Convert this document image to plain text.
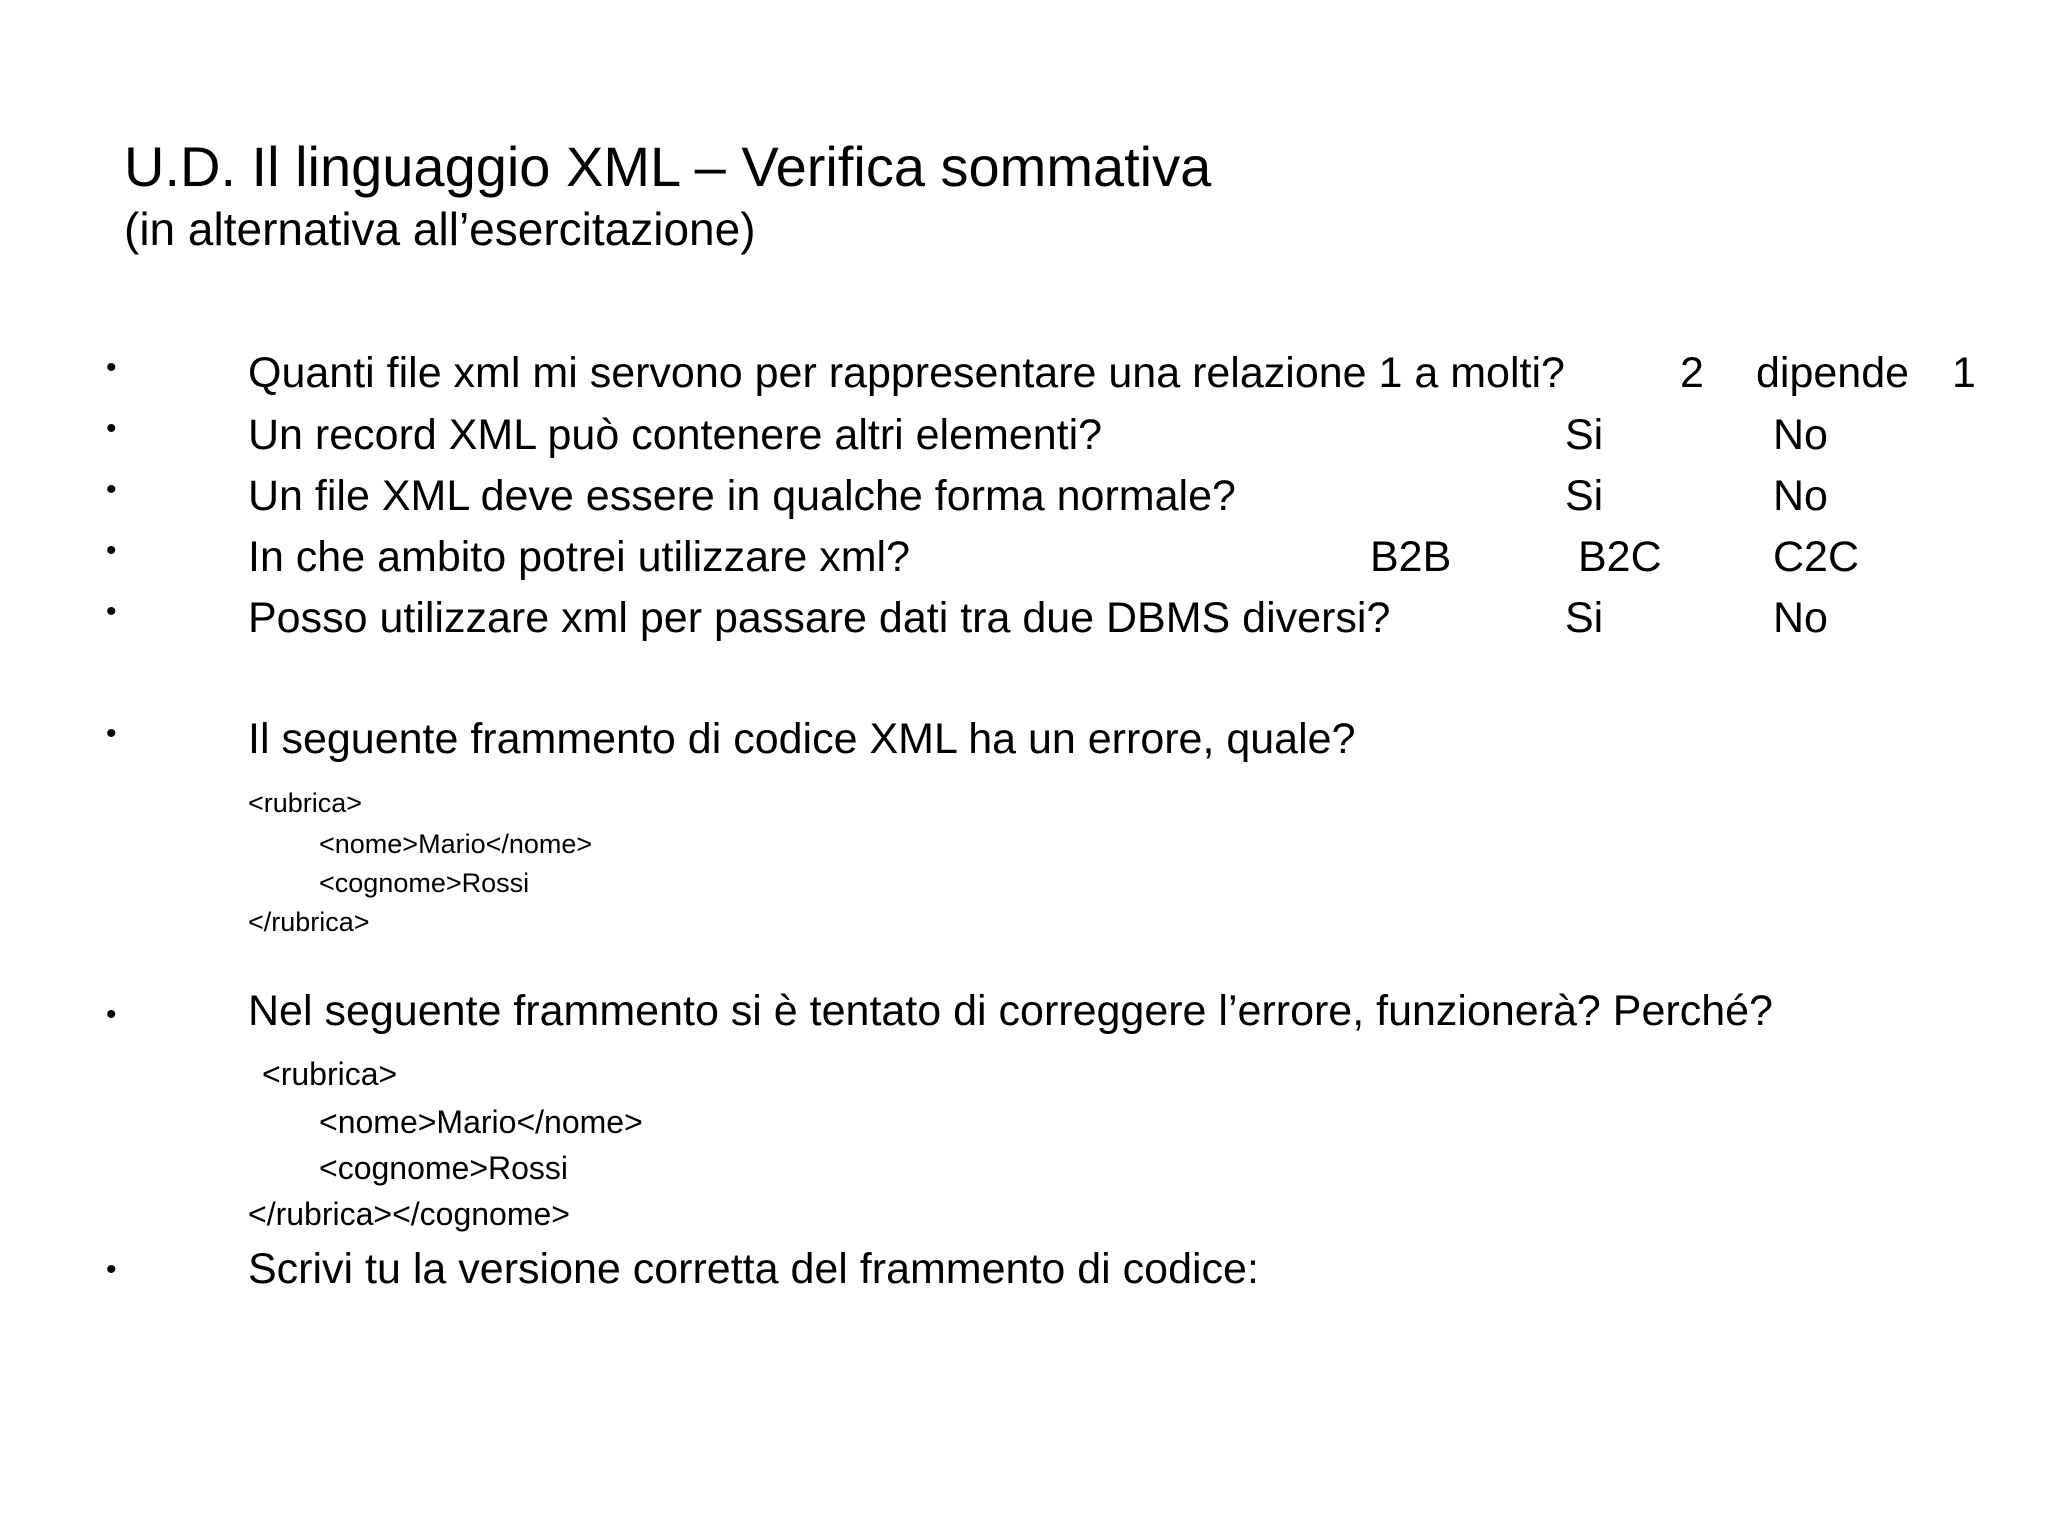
U.D. Il linguaggio XML – Verifica sommativa
(in alternativa all’esercitazione)
•	Quanti file xml mi servono per rappresentare una relazione 1 a molti?	2 dipende 1
•	Un record XML può contenere altri elementi?	Si	No
•	Un file XML deve essere in qualche forma normale?	Si	No
•	In che ambito potrei utilizzare xml?	B2B	B2C	C2C
•	Posso utilizzare xml per passare dati tra due DBMS diversi?	Si	No
•	Il seguente frammento di codice XML ha un errore, quale?
<rubrica>
<nome>Mario</nome>
<cognome>Rossi
</rubrica>
•	Nel seguente frammento si è tentato di correggere l’errore, funzionerà? Perché?
<rubrica>
<nome>Mario</nome>
<cognome>Rossi
</rubrica></cognome>
•	Scrivi tu la versione corretta del frammento di codice:
